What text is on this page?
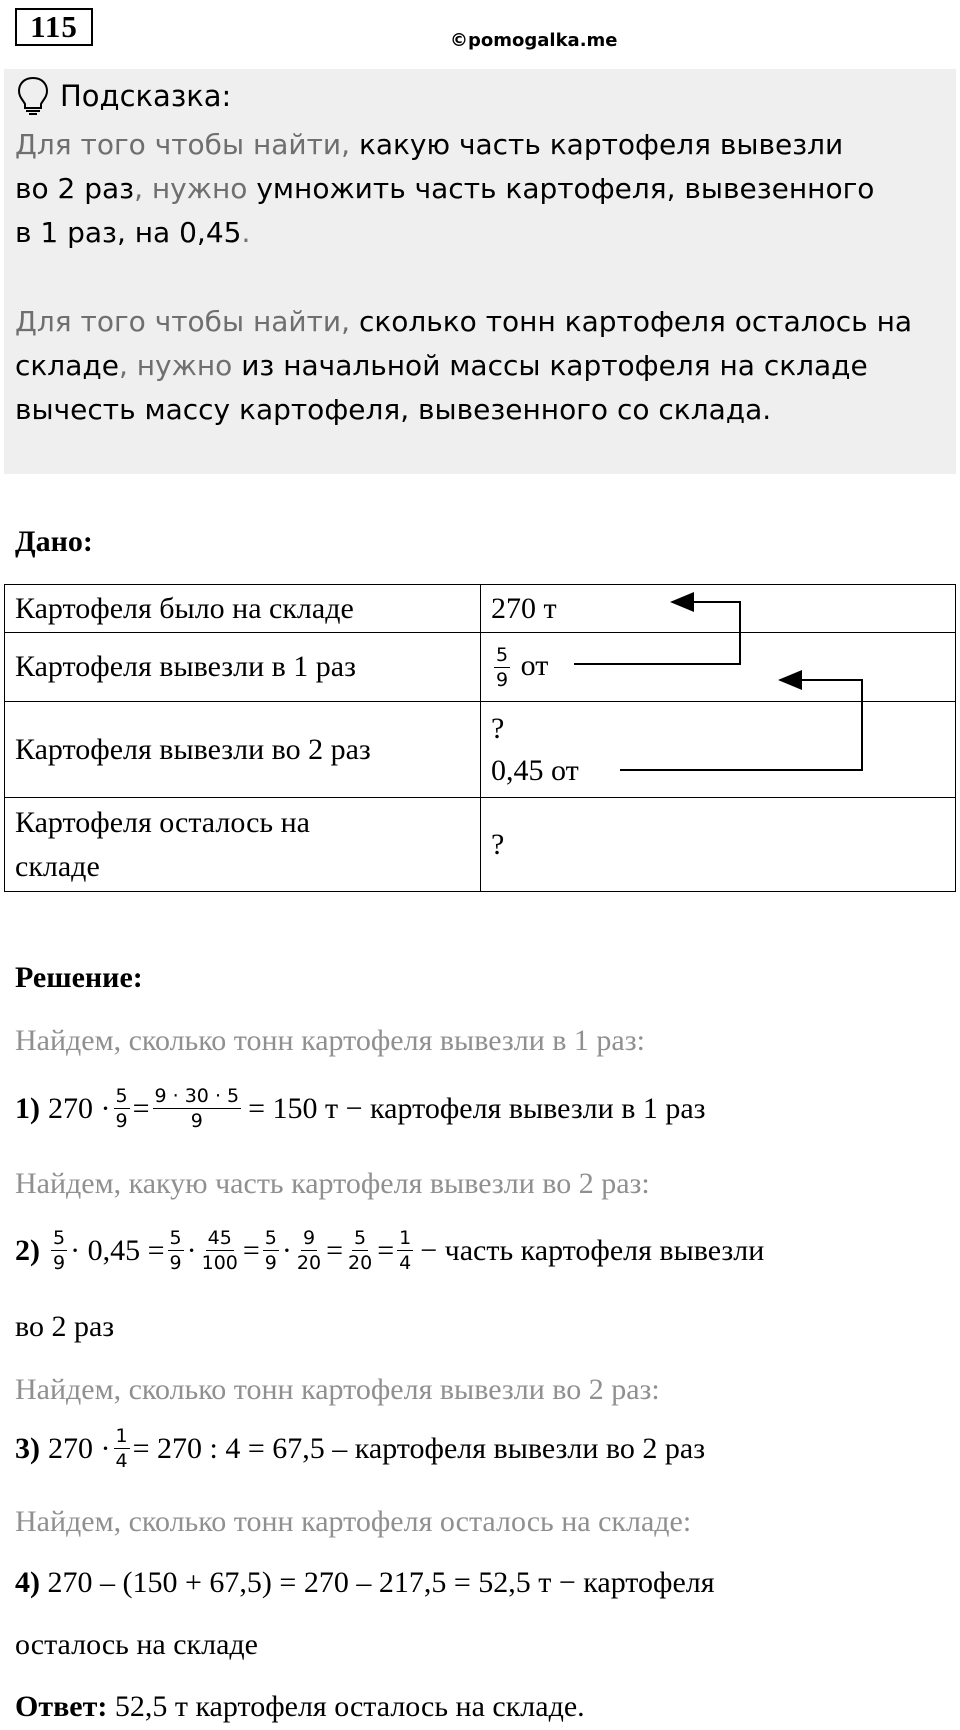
115	©pomogalka.me
Подсказка:
Для того чтобы найти, какую часть картофеля вывезли
во 2 раз, нужно умножить часть картофеля, вывезенного
в 1 раз, на 0,45.
Для того чтобы найти, сколько тонн картофеля осталось на
складе, нужно из начальной массы картофеля на складе
вычесть массу картофеля, вывезенного со склада.
Дано:
Картофеля было на складе	270 т
Картофеля вывезли в 1 раз	$\frac{5}{9}$ от
Картофеля вывезли во 2 раз	?
0,45 от

Картофеля осталось на
складе	?
Решение:
Найдем, сколько тонн картофеля вывезли в 1 раз:
1) $270 \cdot \frac{5}{9} = \frac{9 \cdot 30 \cdot 5}{9} = 150$ т − картофеля вывезли в 1 раз
Найдем, какую часть картофеля вывезли во 2 раз:
$2) \frac{5}{9} \cdot 0,45 = \frac{5}{9} \cdot \frac{45}{100} = \frac{5}{9} \cdot \frac{9}{20} = \frac{5}{20} = \frac{1}{4}$ − часть картофеля вывезли
во 2 раз
Найдем, сколько тонн картофеля вывезли во 2 раз:
3) $270 \cdot \frac{1}{4} = 270$ : 4 = 67,5 – картофеля вывезли во 2 раз
Найдем, сколько тонн картофеля осталось на складе:
4) 270 – (150 + 67,5) = 270 – 217,5 = 52,5 т − картофеля
осталось на складе
Ответ: 52,5 т картофеля осталось на складе.
